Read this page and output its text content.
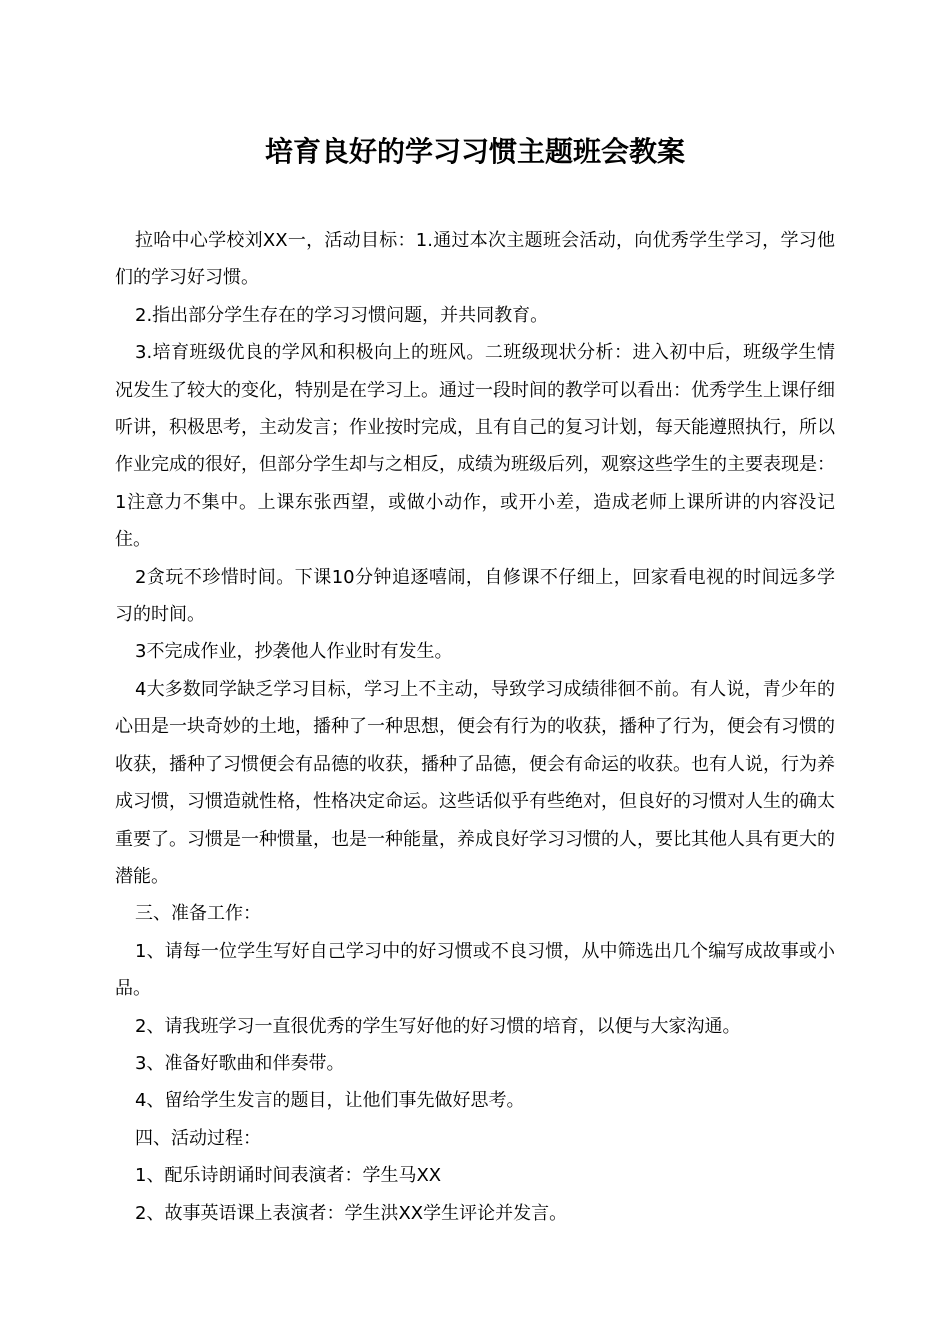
培育良好的学习习惯主题班会教案

拉哈中心学校刘XX一，活动目标：1.通过本次主题班会活动，向优秀学生学习，学习他们的学习好习惯。

2.指出部分学生存在的学习习惯问题，并共同教育。

3.培育班级优良的学风和积极向上的班风。二班级现状分析：进入初中后，班级学生情况发生了较大的变化，特别是在学习上。通过一段时间的教学可以看出：优秀学生上课仔细听讲，积极思考，主动发言；作业按时完成，且有自己的复习计划，每天能遵照执行，所以作业完成的很好，但部分学生却与之相反，成绩为班级后列，观察这些学生的主要表现是：1注意力不集中。上课东张西望，或做小动作，或开小差，造成老师上课所讲的内容没记住。

2贪玩不珍惜时间。下课10分钟追逐嘻闹，自修课不仔细上，回家看电视的时间远多学习的时间。

3不完成作业，抄袭他人作业时有发生。

4大多数同学缺乏学习目标，学习上不主动，导致学习成绩徘徊不前。有人说，青少年的心田是一块奇妙的土地，播种了一种思想，便会有行为的收获，播种了行为，便会有习惯的收获，播种了习惯便会有品德的收获，播种了品德，便会有命运的收获。也有人说，行为养成习惯，习惯造就性格，性格决定命运。这些话似乎有些绝对，但良好的习惯对人生的确太重要了。习惯是一种惯量，也是一种能量，养成良好学习习惯的人，要比其他人具有更大的潜能。

三、准备工作：

1、请每一位学生写好自己学习中的好习惯或不良习惯，从中筛选出几个编写成故事或小品。

2、请我班学习一直很优秀的学生写好他的好习惯的培育，以便与大家沟通。

3、准备好歌曲和伴奏带。

4、留给学生发言的题目，让他们事先做好思考。

四、活动过程：

1、配乐诗朗诵时间表演者：学生马XX

2、故事英语课上表演者：学生洪XX学生评论并发言。
